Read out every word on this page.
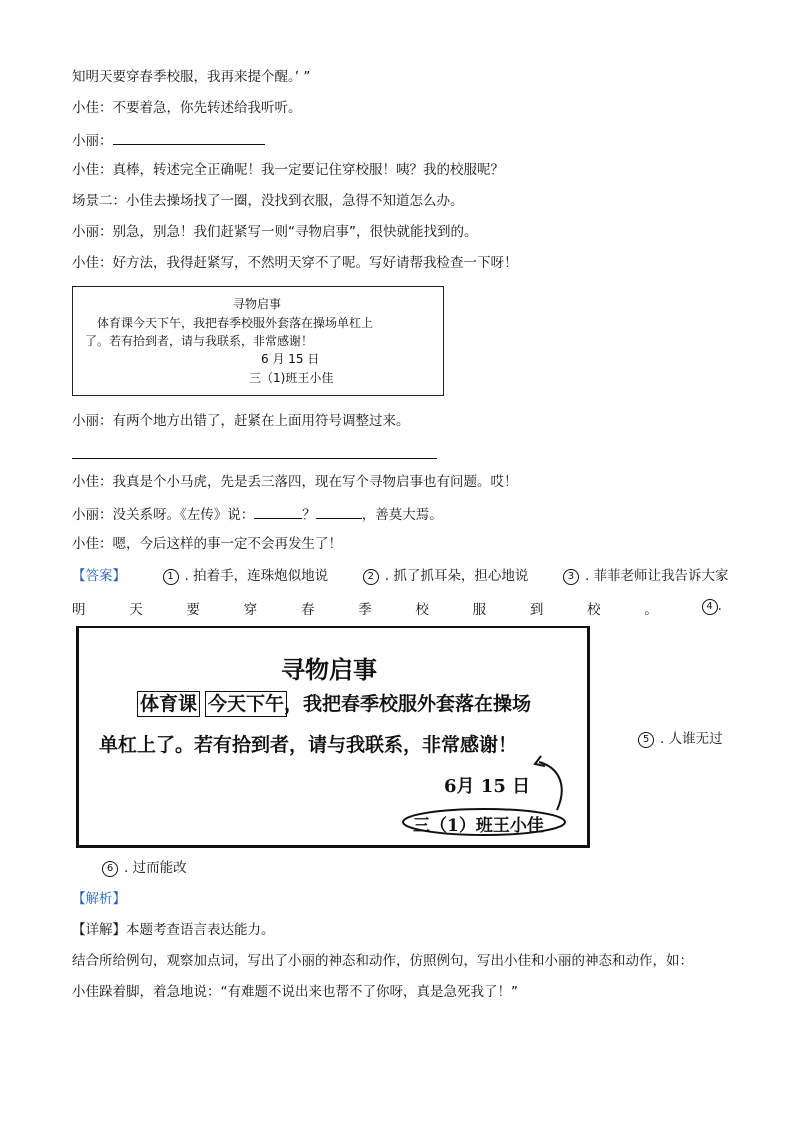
知明天要穿春季校服，我再来提个醒。’ ”
小佳：不要着急，你先转述给我听听。
小丽：
小佳：真棒，转述完全正确呢！我一定要记住穿校服！咦？我的校服呢？
场景二：小佳去操场找了一圈，没找到衣服，急得不知道怎么办。
小丽：别急，别急！我们赶紧写一则“寻物启事”，很快就能找到的。
小佳：好方法，我得赶紧写，不然明天穿不了呢。写好请帮我检查一下呀！
寻物启事
体育课今天下午，我把春季校服外套落在操场单杠上
了。若有拾到者，请与我联系，非常感谢！
6 月 15 日
三（1)班王小佳
小丽：有两个地方出错了，赶紧在上面用符号调整过来。
小佳：我真是个小马虎，先是丢三落四，现在写个寻物启事也有问题。哎！
小丽：没关系呀。《左传》说：	？	，善莫大焉。
小佳：嗯，今后这样的事一定不会再发生了！
【答案】	1 . 拍着手，连珠炮似地说	2 . 抓了抓耳朵，担心地说	3 . 菲菲老师让我告诉大家
明	天	要	穿	春	季	校	服	到	校	。	4 .
寻物启事
体育课 今天下午 ，我把春季校服外套落在操场
单杠上了。若有拾到者，请与我联系，非常感谢！
6月 15 日
三（1）班王小佳
5 . 人谁无过
6 . 过而能改
【解析】
【详解】本题考查语言表达能力。
结合所给例句，观察加点词，写出了小丽的神态和动作，仿照例句，写出小佳和小丽的神态和动作，如：
小佳跺着脚，着急地说：“有难题不说出来也帮不了你呀，真是急死我了！”
